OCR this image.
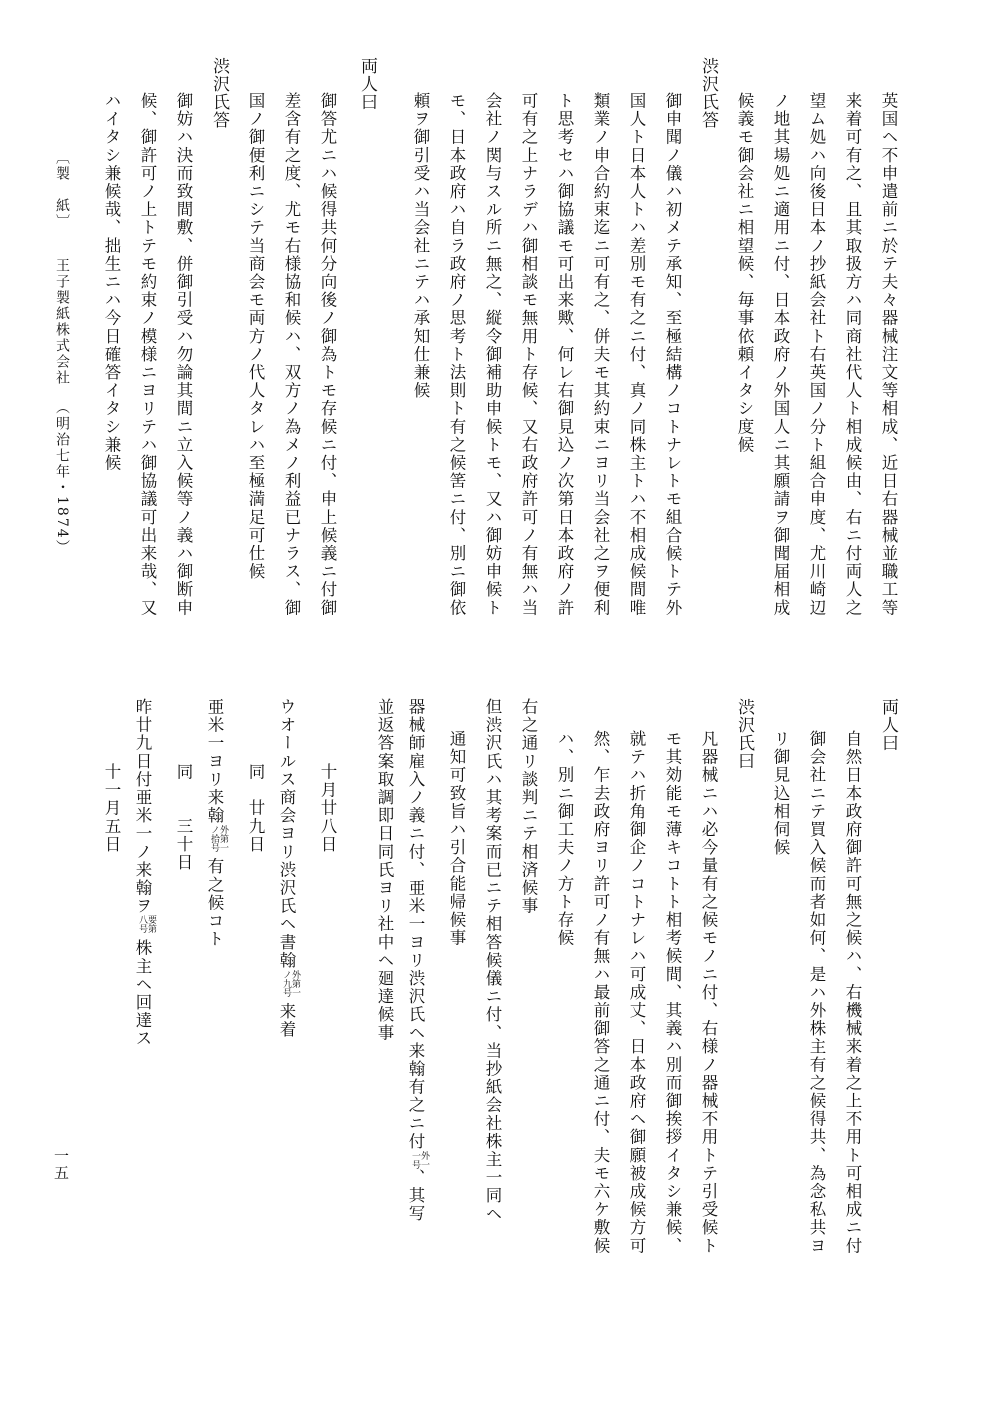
英国ヘ不申遣前ニ於テ夫々器械注文等相成、近日右器械並職工等
来着可有之、且其取扱方ハ同商社代人ト相成候由、右ニ付両人之
望ム処ハ向後日本ノ抄紙会社ト右英国ノ分ト組合申度、尤川崎辺
ノ地其場処ニ適用ニ付、日本政府ノ外国人ニ其願請ヲ御聞届相成
候義モ御会社ニ相望候、毎事依頼イタシ度候
渋沢氏答
御申聞ノ儀ハ初メテ承知、至極結構ノコトナレトモ組合候トテ外
国人ト日本人トハ差別モ有之ニ付、真ノ同株主トハ不相成候間唯
類業ノ申合約束迄ニ可有之、併夫モ其約束ニヨリ当会社之ヲ便利
ト思考セハ御協議モ可出来歟、何レ右御見込ノ次第日本政府ノ許
可有之上ナラデハ御相談モ無用ト存候、又右政府許可ノ有無ハ当
会社ノ関与スル所ニ無之、縦令御補助申候トモ、又ハ御妨申候ト
モ、日本政府ハ自ラ政府ノ思考ト法則ト有之候筈ニ付、別ニ御依
頼ヲ御引受ハ当会社ニテハ承知仕兼候
両人曰
御答尤ニハ候得共何分向後ノ御為トモ存候ニ付、申上候義ニ付御
差含有之度、尤モ右様協和候ハ、双方ノ為メノ利益已ナラス、御
国ノ御便利ニシテ当商会モ両方ノ代人タレハ至極満足可仕候
渋沢氏答
御妨ハ決而致間敷、併御引受ハ勿論其間ニ立入候等ノ義ハ御断申
候、御許可ノ上トテモ約束ノ模様ニヨリテハ御協議可出来哉、又
ハイタシ兼候哉、拙生ニハ今日確答イタシ兼候
〔製　紙〕王子製紙株式会社（明治七年・1874）
両人曰
自然日本政府御許可無之候ハ、右機械来着之上不用ト可相成ニ付
御会社ニテ買入候而者如何、是ハ外株主有之候得共、為念私共ヨ
リ御見込相伺候
渋沢氏曰
凡器械ニハ必今量有之候モノニ付、右様ノ器械不用トテ引受候ト
モ其効能モ薄キコトト相考候間、其義ハ別而御挨拶イタシ兼候、
就テハ折角御企ノコトナレハ可成丈、日本政府ヘ御願被成候方可
然、乍去政府ヨリ許可ノ有無ハ最前御答之通ニ付、夫モ六ケ敷候
ハ、別ニ御工夫ノ方ト存候
右之通リ談判ニテ相済候事
但渋沢氏ハ其考案而已ニテ相答候儀ニ付、当抄紙会社株主一同ヘ
通知可致旨ハ引合能帰候事
器械師雇入ノ義ニ付、亜米一ヨリ渋沢氏ヘ来翰有之ニ付
外一
一号
、其写
並返答案取調即日同氏ヨリ社中ヘ廻達候事
十月廿八日
ウオールス商会ヨリ渋沢氏ヘ書翰
外第一
ノ九号
来着
同　廿九日
亜米一ヨリ来翰
外第一
ノ拾号
有之候コト
同　　三十日
昨廿九日付亜米一ノ来翰ヲ
要第
八号
株主ヘ回達ス
十一月五日
一五
